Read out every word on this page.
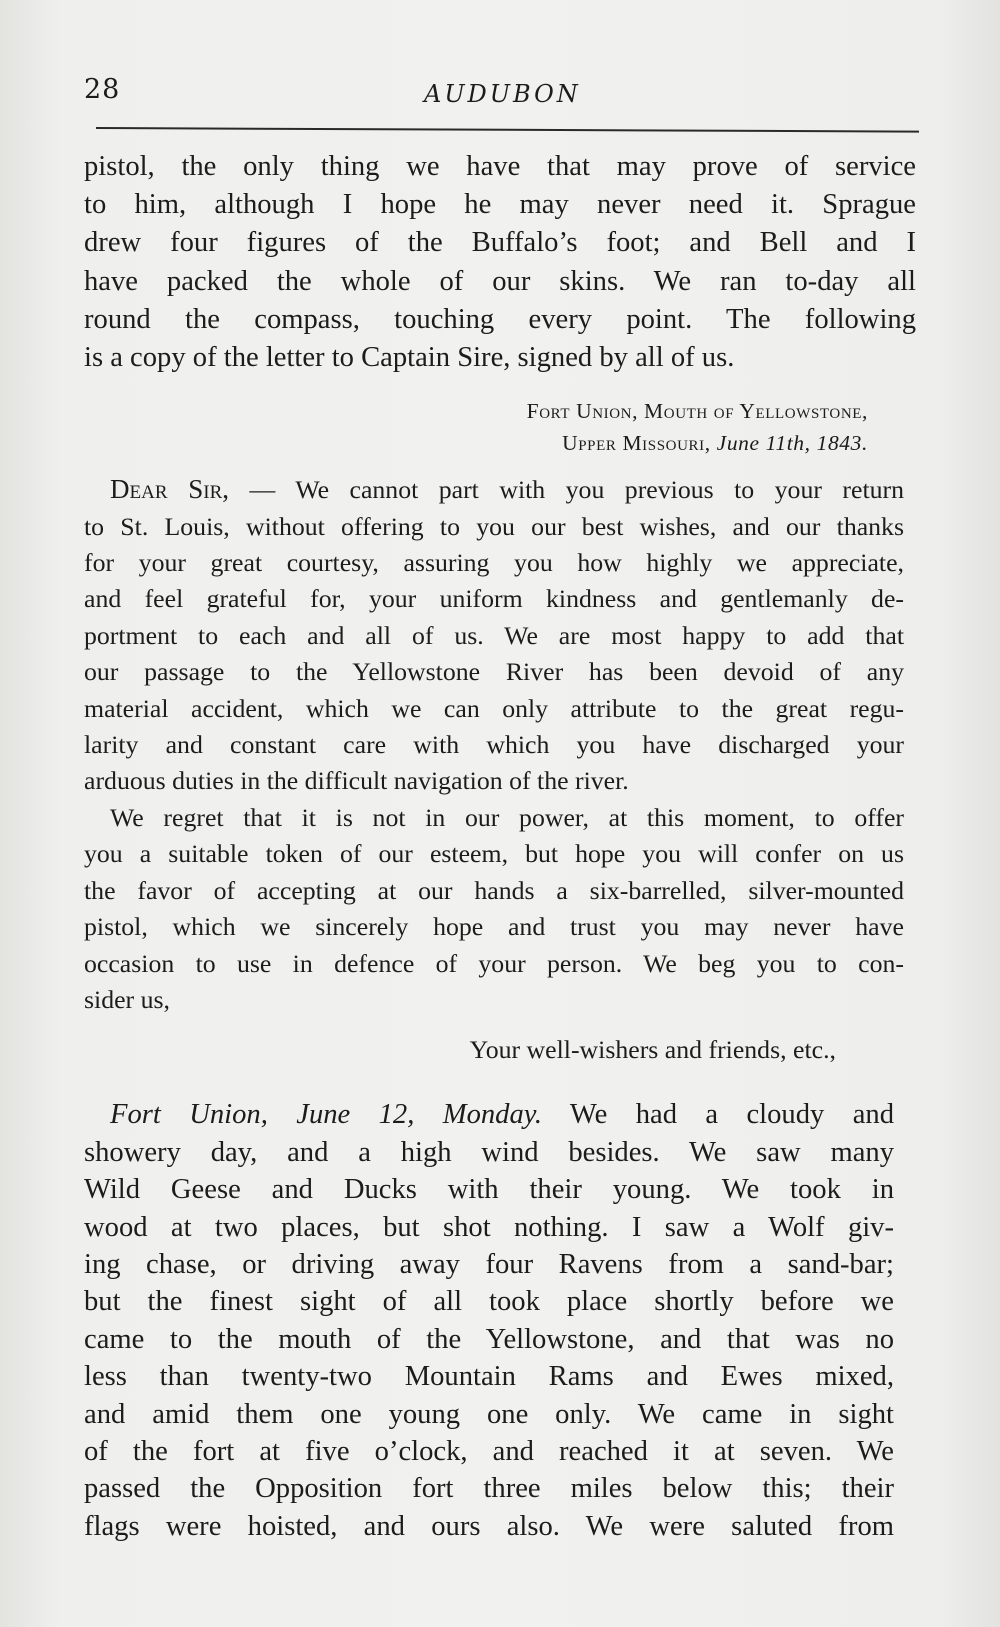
28	AUDUBON
pistol, the only thing we have that may prove of service
to him, although I hope he may never need it. Sprague
drew four figures of the Buffalo’s foot; and Bell and I
have packed the whole of our skins. We ran to-day all
round the compass, touching every point. The following
is a copy of the letter to Captain Sire, signed by all of us.
Fort Union, Mouth of Yellowstone,
Upper Missouri, June 11th, 1843.
Dear Sir, — We cannot part with you previous to your return
to St. Louis, without offering to you our best wishes, and our thanks
for your great courtesy, assuring you how highly we appreciate,
and feel grateful for, your uniform kindness and gentlemanly de-
portment to each and all of us. We are most happy to add that
our passage to the Yellowstone River has been devoid of any
material accident, which we can only attribute to the great regu-
larity and constant care with which you have discharged your
arduous duties in the difficult navigation of the river.
We regret that it is not in our power, at this moment, to offer
you a suitable token of our esteem, but hope you will confer on us
the favor of accepting at our hands a six-barrelled, silver-mounted
pistol, which we sincerely hope and trust you may never have
occasion to use in defence of your person. We beg you to con-
sider us,
Your well-wishers and friends, etc.,
Fort Union, June 12, Monday. We had a cloudy and
showery day, and a high wind besides. We saw many
Wild Geese and Ducks with their young. We took in
wood at two places, but shot nothing. I saw a Wolf giv-
ing chase, or driving away four Ravens from a sand-bar;
but the finest sight of all took place shortly before we
came to the mouth of the Yellowstone, and that was no
less than twenty-two Mountain Rams and Ewes mixed,
and amid them one young one only. We came in sight
of the fort at five o’clock, and reached it at seven. We
passed the Opposition fort three miles below this; their
flags were hoisted, and ours also. We were saluted from
